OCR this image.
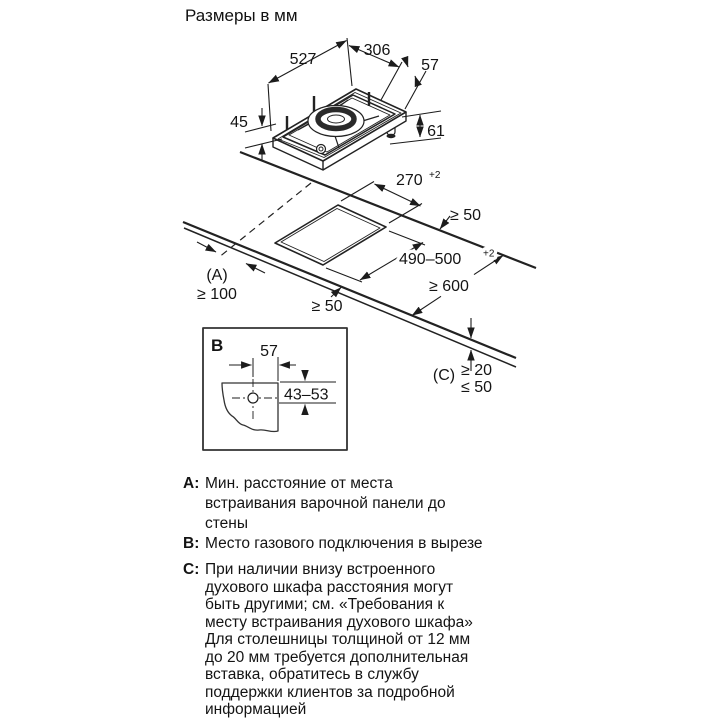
Размеры в мм
527
306
57
45
61
270 +2
≥ 50
490–500 +2
(A)
≥ 100
≥ 50
≥ 600
(C) ≥ 20
≤ 50
B 57
43–53
A: Мин. расстояние от места
встраивания варочной панели до
стены
B: Место газового подключения в вырезе
C: При наличии внизу встроенного
духового шкафа расстояния могут
быть другими; см. «Требования к
месту встраивания духового шкафа»
Для столешницы толщиной от 12 мм
до 20 мм требуется дополнительная
вставка, обратитесь в службу
поддержки клиентов за подробной
информацией
